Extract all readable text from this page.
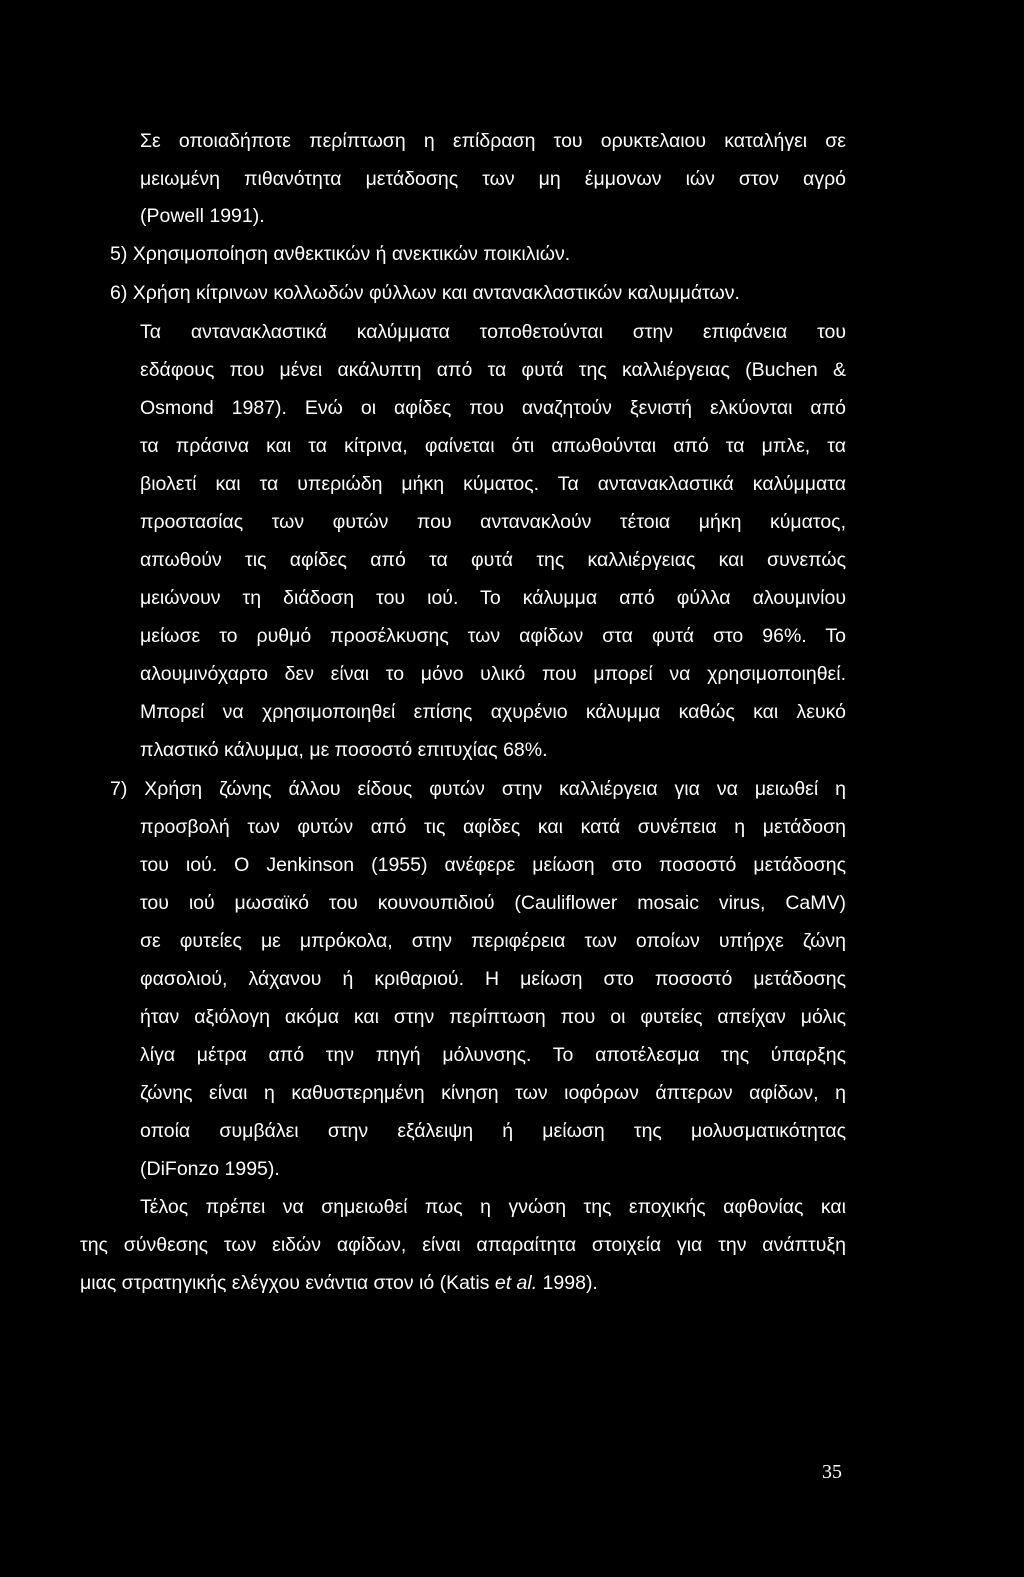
Σε οποιαδήποτε περίπτωση η επίδραση του ορυκτελαιου καταλήγει σε
μειωμένη πιθανότητα μετάδοσης των μη έμμονων ιών στον αγρό
(Powell 1991).
5) Χρησιμοποίηση ανθεκτικών ή ανεκτικών ποικιλιών.
6) Χρήση κίτρινων κολλωδών φύλλων και αντανακλαστικών καλυμμάτων.
Τα αντανακλαστικά καλύμματα τοποθετούνται στην επιφάνεια του
εδάφους που μένει ακάλυπτη από τα φυτά της καλλιέργειας (Buchen &
Osmond 1987). Ενώ οι αφίδες που αναζητούν ξενιστή ελκύονται από
τα πράσινα και τα κίτρινα, φαίνεται ότι απωθούνται από τα μπλε, τα
βιολετί και τα υπεριώδη μήκη κύματος. Τα αντανακλαστικά καλύμματα
προστασίας των φυτών που αντανακλούν τέτοια μήκη κύματος,
απωθούν τις αφίδες από τα φυτά της καλλιέργειας και συνεπώς
μειώνουν τη διάδοση του ιού. Το κάλυμμα από φύλλα αλουμινίου
μείωσε το ρυθμό προσέλκυσης των αφίδων στα φυτά στο 96%. Το
αλουμινόχαρτο δεν είναι το μόνο υλικό που μπορεί να χρησιμοποιηθεί.
Μπορεί να χρησιμοποιηθεί επίσης αχυρένιο κάλυμμα καθώς και λευκό
πλαστικό κάλυμμα, με ποσοστό επιτυχίας 68%.
7) Χρήση ζώνης άλλου είδους φυτών στην καλλιέργεια για να μειωθεί η
προσβολή των φυτών από τις αφίδες και κατά συνέπεια η μετάδοση
του ιού. Ο Jenkinson (1955) ανέφερε μείωση στο ποσοστό μετάδοσης
του ιού μωσαϊκό του κουνουπιδιού (Cauliflower mosaic virus, CaMV)
σε φυτείες με μπρόκολα, στην περιφέρεια των οποίων υπήρχε ζώνη
φασολιού, λάχανου ή κριθαριού. Η μείωση στο ποσοστό μετάδοσης
ήταν αξιόλογη ακόμα και στην περίπτωση που οι φυτείες απείχαν μόλις
λίγα μέτρα από την πηγή μόλυνσης. Το αποτέλεσμα της ύπαρξης
ζώνης είναι η καθυστερημένη κίνηση των ιοφόρων άπτερων αφίδων, η
οποία συμβάλει στην εξάλειψη ή μείωση της μολυσματικότητας
(DiFonzo 1995).
Τέλος πρέπει να σημειωθεί πως η γνώση της εποχικής αφθονίας και
της σύνθεσης των ειδών αφίδων, είναι απαραίτητα στοιχεία για την ανάπτυξη
μιας στρατηγικής ελέγχου ενάντια στον ιό (Katis et al. 1998).
35
